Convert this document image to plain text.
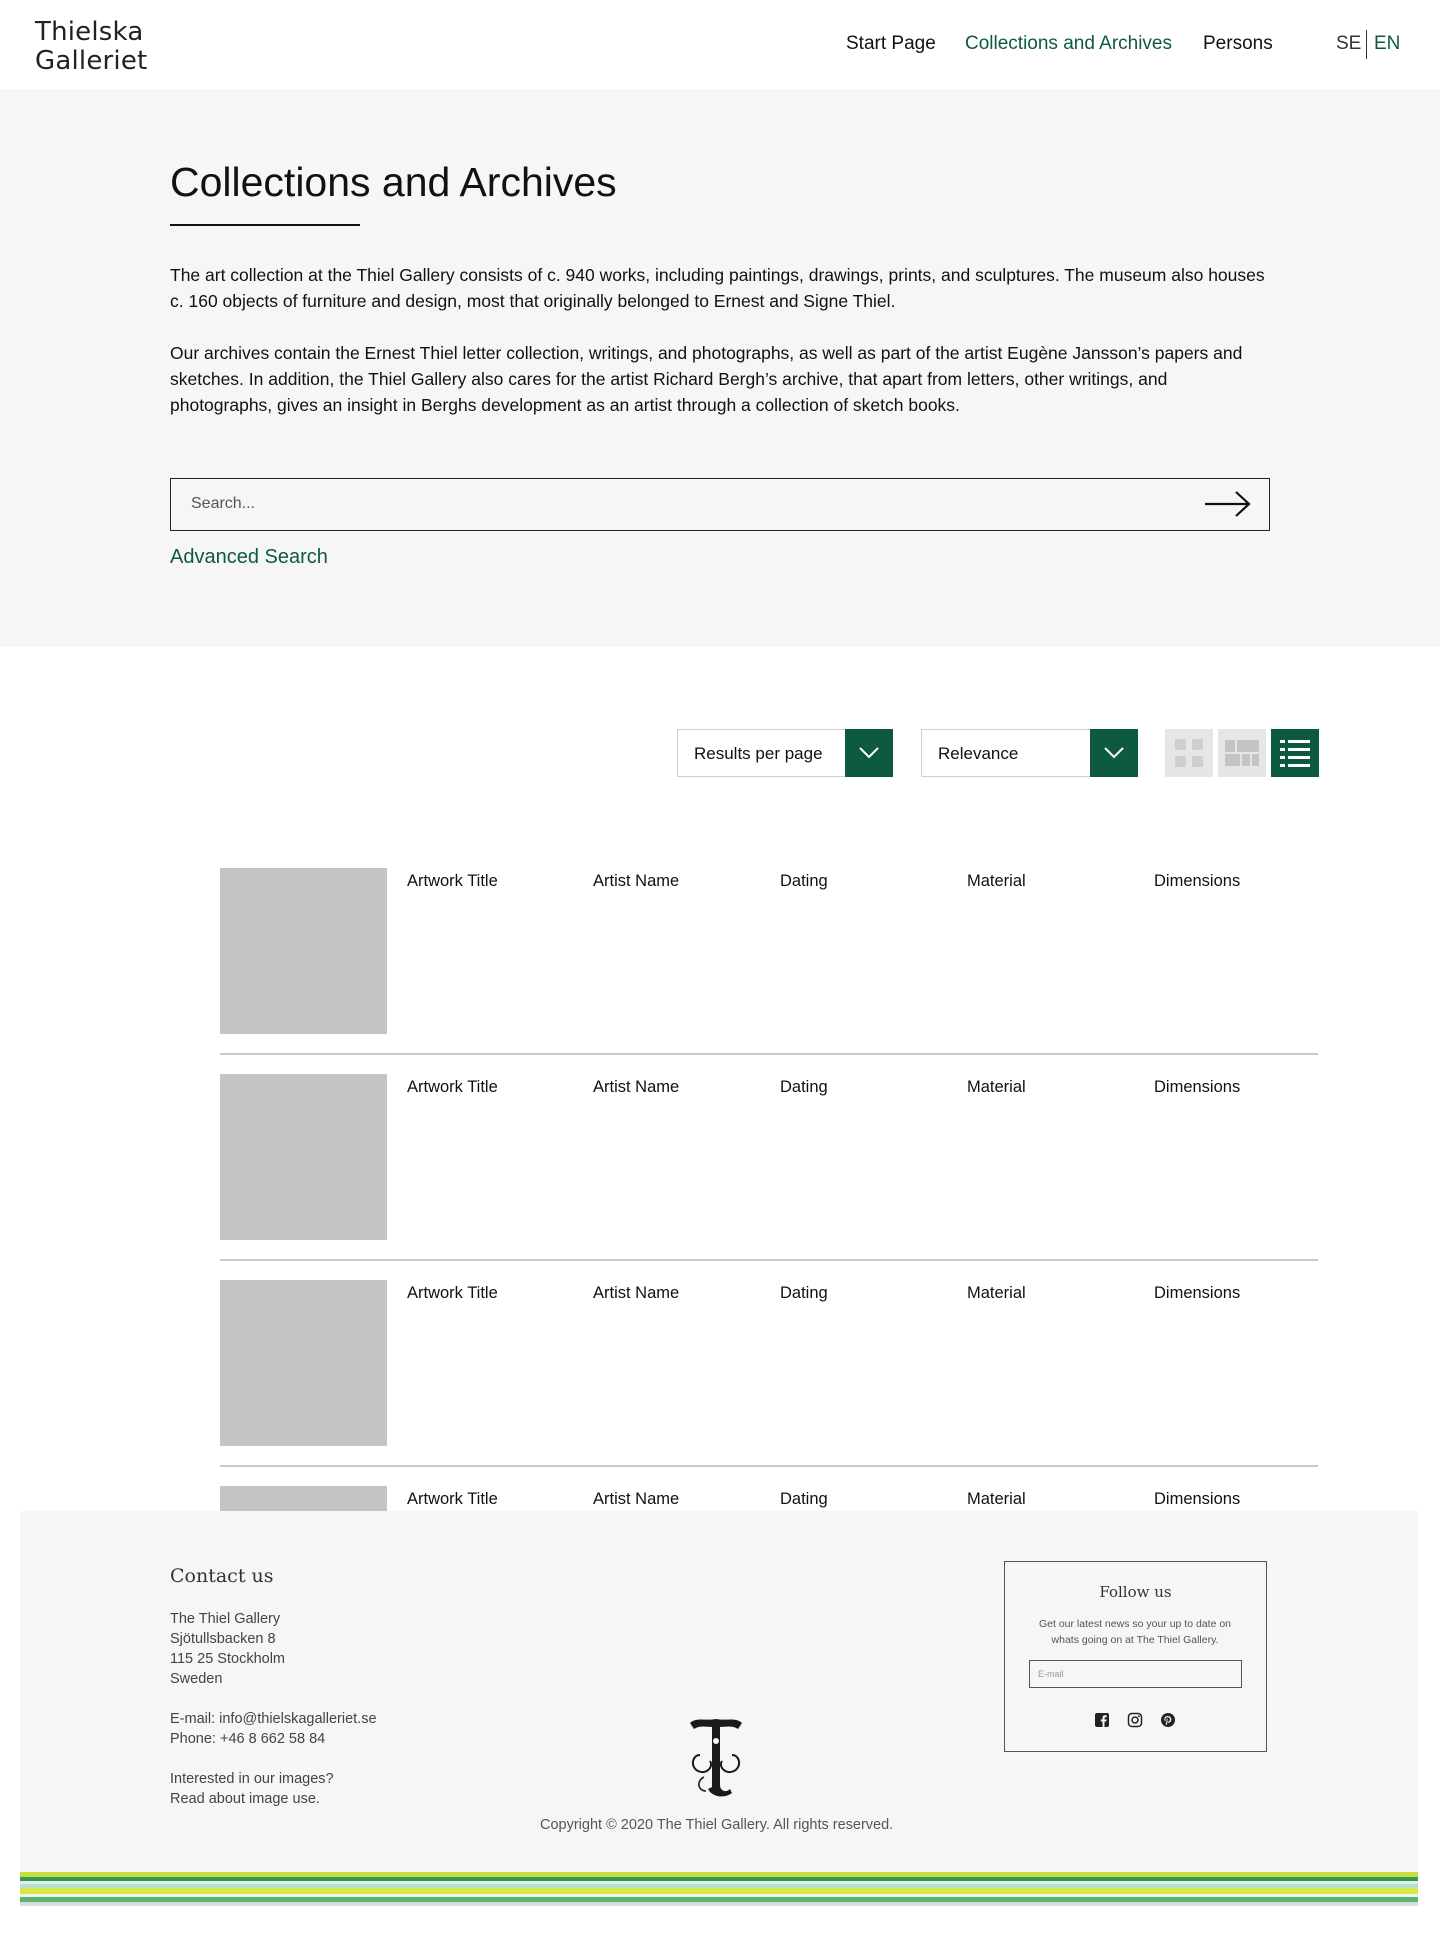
Thielska
Galleriet
Start Page Collections and Archives Persons	SE EN
Collections and Archives

The art collection at the Thiel Gallery consists of c. 940 works, including paintings, drawings, prints, and sculptures. The museum also houses c. 160 objects of furniture and design, most that originally belonged to Ernest and Signe Thiel.

Our archives contain the Ernest Thiel letter collection, writings, and photographs, as well as part of the artist Eugène Jansson’s papers and sketches. In addition, the Thiel Gallery also cares for the artist Richard Bergh’s archive, that apart from letters, other writings, and photographs, gives an insight in Berghs development as an artist through a collection of sketch books.

Search...
Advanced Search
Results per page	Relevance
Artwork Title	Artist Name	Dating	Material	Dimensions
Artwork Title	Artist Name	Dating	Material	Dimensions
Artwork Title	Artist Name	Dating	Material	Dimensions
Artwork Title	Artist Name	Dating	Material	Dimensions
Contact us
The Thiel Gallery
Sjötullsbacken 8
115 25 Stockholm
Sweden
E-mail: info@thielskagalleriet.se
Phone: +46 8 662 58 84
Interested in our images?
Read about image use.
Copyright © 2020 The Thiel Gallery. All rights reserved.
Follow us
Get our latest news so your up to date on whats going on at The Thiel Gallery.
E-mail
